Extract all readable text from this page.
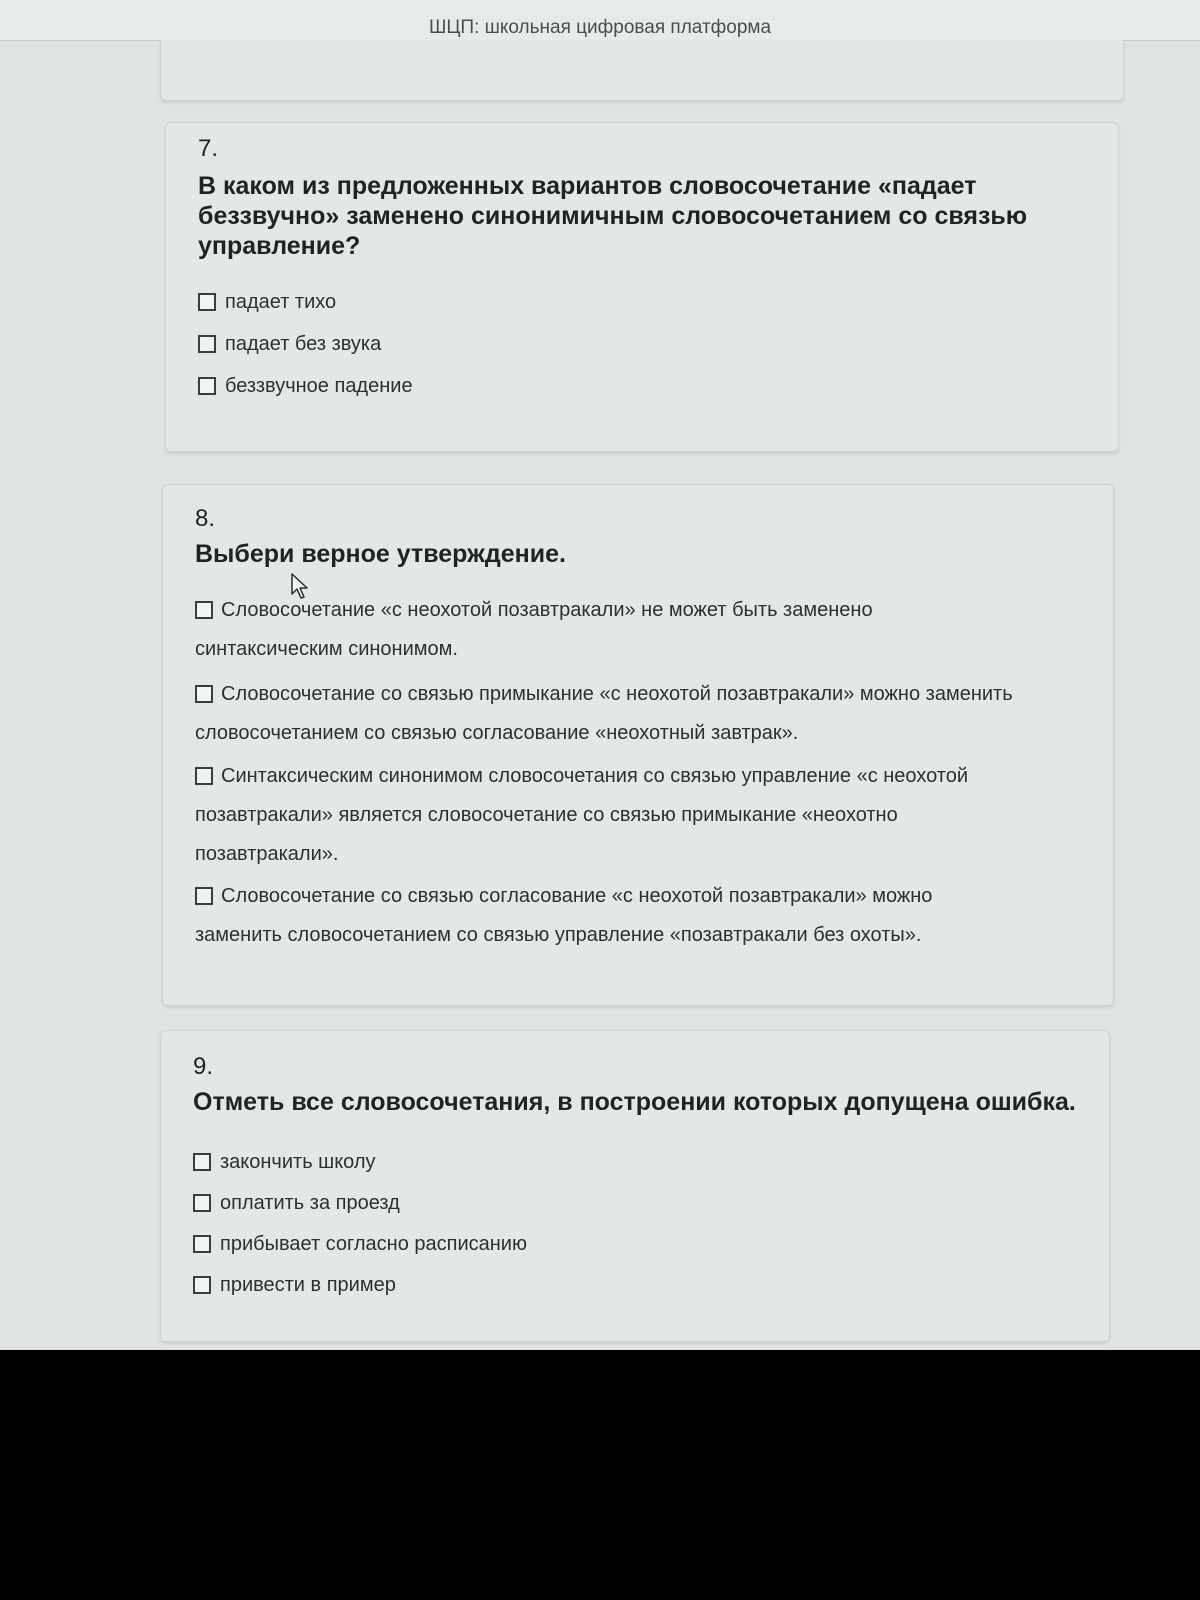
ШЦП: школьная цифровая платформа
7.
В каком из предложенных вариантов словосочетание «падает беззвучно» заменено синонимичным словосочетанием со связью управление?
падает тихо
падает без звука
беззвучное падение
8.
Выбери верное утверждение.
Словосочетание «с неохотой позавтракали» не может быть заменено синтаксическим синонимом.
Словосочетание со связью примыкание «с неохотой позавтракали» можно заменить словосочетанием со связью согласование «неохотный завтрак».
Синтаксическим синонимом словосочетания со связью управление «с неохотой позавтракали» является словосочетание со связью примыкание «неохотно позавтракали».
Словосочетание со связью согласование «с неохотой позавтракали» можно заменить словосочетанием со связью управление «позавтракали без охоты».
9.
Отметь все словосочетания, в построении которых допущена ошибка.
закончить школу
оплатить за проезд
прибывает согласно расписанию
привести в пример
